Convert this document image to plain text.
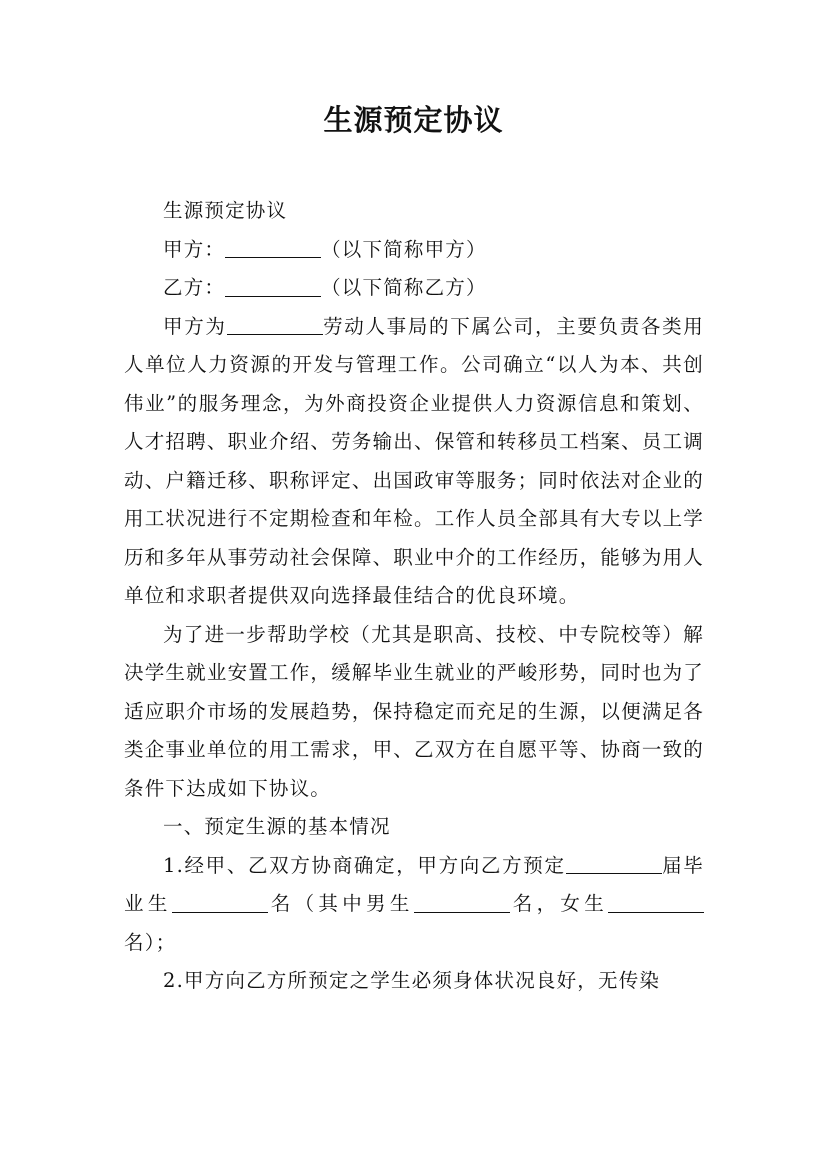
生源预定协议

生源预定协议

甲方：	（以下简称甲方）

乙方：	（以下简称乙方）

甲方为	劳动人事局的下属公司，主要负责各类用人单位人力资源的开发与管理工作。公司确立“以人为本、共创伟业”的服务理念，为外商投资企业提供人力资源信息和策划、人才招聘、职业介绍、劳务输出、保管和转移员工档案、员工调动、户籍迁移、职称评定、出国政审等服务；同时依法对企业的用工状况进行不定期检查和年检。工作人员全部具有大专以上学历和多年从事劳动社会保障、职业中介的工作经历，能够为用人单位和求职者提供双向选择最佳结合的优良环境。

为了进一步帮助学校（尤其是职高、技校、中专院校等）解决学生就业安置工作，缓解毕业生就业的严峻形势，同时也为了适应职介市场的发展趋势，保持稳定而充足的生源，以便满足各类企事业单位的用工需求，甲、乙双方在自愿平等、协商一致的条件下达成如下协议。

一、预定生源的基本情况

1.经甲、乙双方协商确定，甲方向乙方预定	届毕业生	名（其中男生	名，女生名）；

2.甲方向乙方所预定之学生必须身体状况良好，无传染
